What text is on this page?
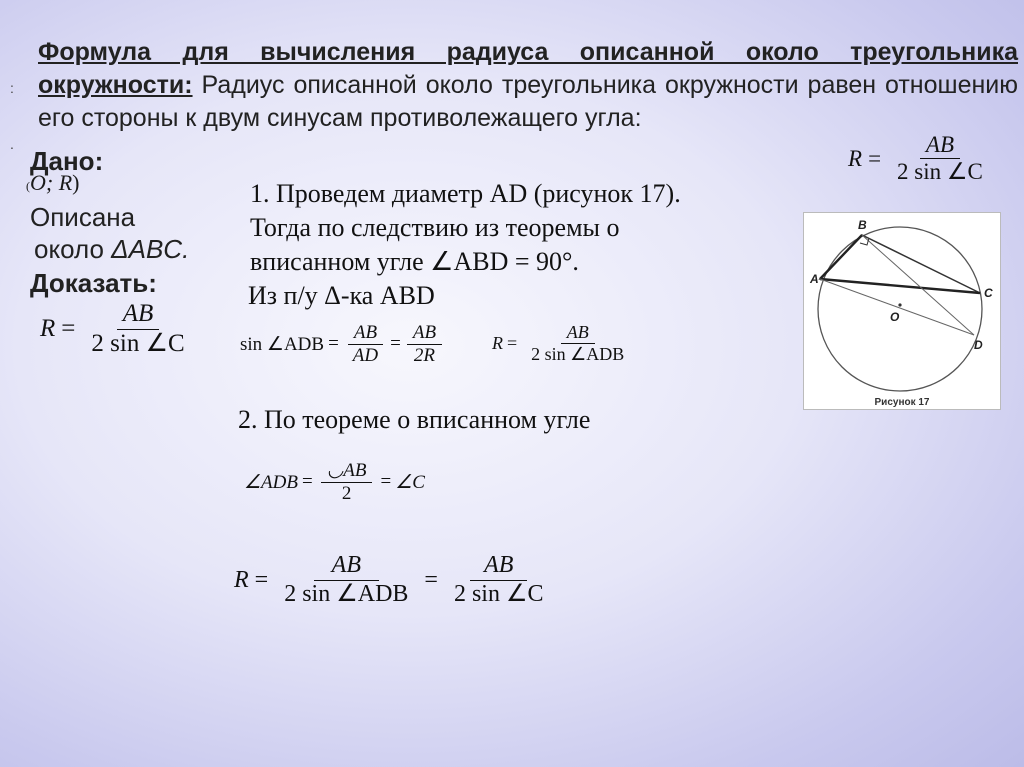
:
.
Формула для вычисления радиуса описанной около треугольника окружности: Радиус описанной около треугольника окружности равен отношению его стороны к двум синусам противолежащего угла:
$R = \frac{AB}{2 \sin \angle C}$
Дано:
(O; R)
Описана
около ΔABC.
Доказать:
$R = \frac{AB}{2 \sin \angle C}$
1. Проведем диаметр AD (рисунок 17).
Тогда по следствию из теоремы о
вписанном угле ∠ABD = 90°.
Из п/у Δ-ка ABD
sin ∠ADB = $\frac{AB}{AD} = \frac{AB}{2R}$	$R = \frac{AB}{\text{2 sin ∠ADB}}$
2. По теореме о вписанном угле
∠ADB = $\frac{◡AB}{2}$ = ∠C
$R = \frac{AB}{\text{2 sin ∠ADB}} = \frac{AB}{2 \sin \angle C}$
A
B
C
D
O
Рисунок 17
